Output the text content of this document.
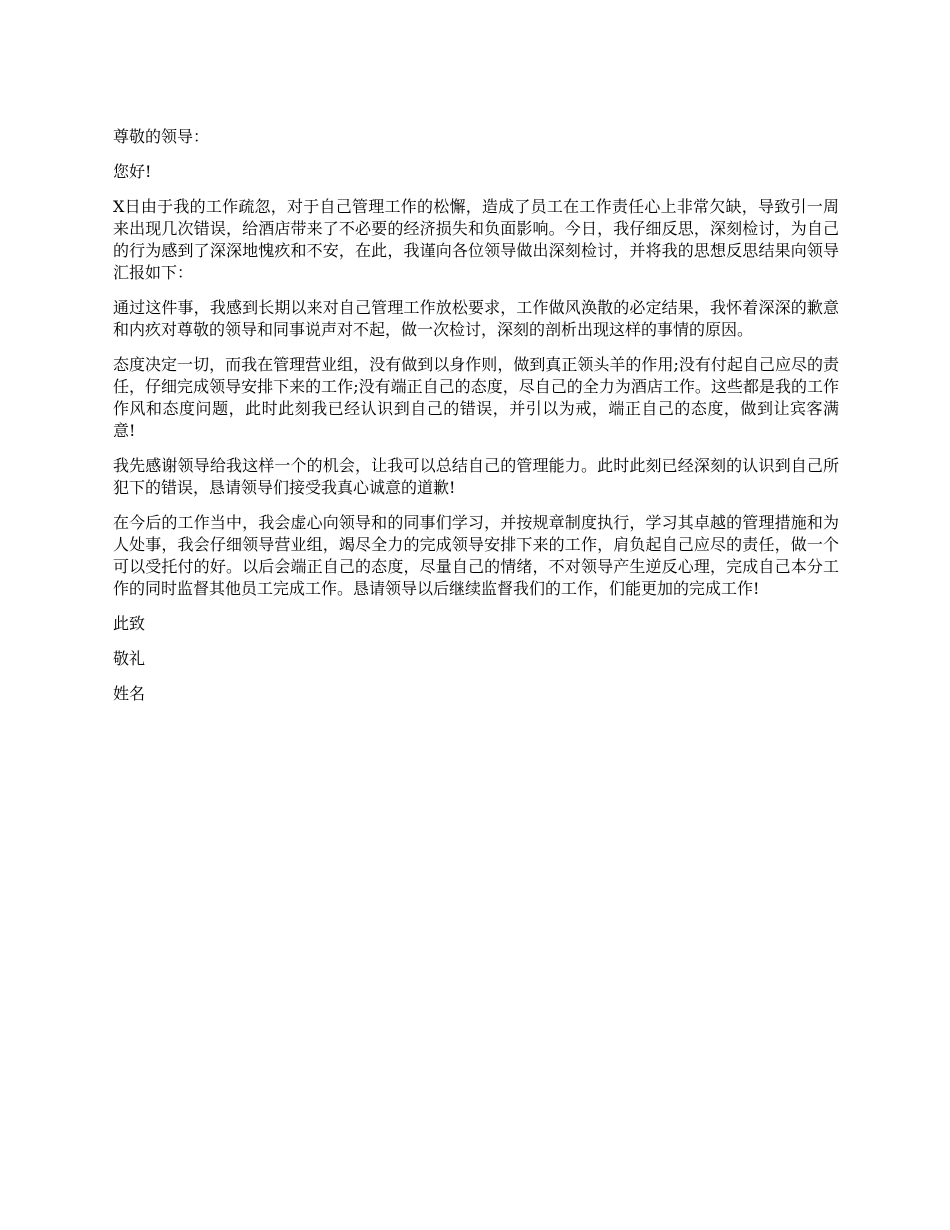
尊敬的领导：

您好!

X日由于我的工作疏忽，对于自己管理工作的松懈，造成了员工在工作责任心上非常欠缺，导致引一周来出现几次错误，给酒店带来了不必要的经济损失和负面影响。今日，我仔细反思，深刻检讨，为自己的行为感到了深深地愧疚和不安，在此，我谨向各位领导做出深刻检讨，并将我的思想反思结果向领导汇报如下：

通过这件事，我感到长期以来对自己管理工作放松要求，工作做风涣散的必定结果，我怀着深深的歉意和内疚对尊敬的领导和同事说声对不起，做一次检讨，深刻的剖析出现这样的事情的原因。

态度决定一切，而我在管理营业组，没有做到以身作则，做到真正领头羊的作用;没有付起自己应尽的责任，仔细完成领导安排下来的工作;没有端正自己的态度，尽自己的全力为酒店工作。这些都是我的工作作风和态度问题，此时此刻我已经认识到自己的错误，并引以为戒，端正自己的态度，做到让宾客满意!

我先感谢领导给我这样一个的机会，让我可以总结自己的管理能力。此时此刻已经深刻的认识到自己所犯下的错误，恳请领导们接受我真心诚意的道歉!

在今后的工作当中，我会虚心向领导和的同事们学习，并按规章制度执行，学习其卓越的管理措施和为人处事，我会仔细领导营业组，竭尽全力的完成领导安排下来的工作，肩负起自己应尽的责任，做一个可以受托付的好。以后会端正自己的态度，尽量自己的情绪，不对领导产生逆反心理，完成自己本分工作的同时监督其他员工完成工作。恳请领导以后继续监督我们的工作，们能更加的完成工作!

此致

敬礼

姓名
